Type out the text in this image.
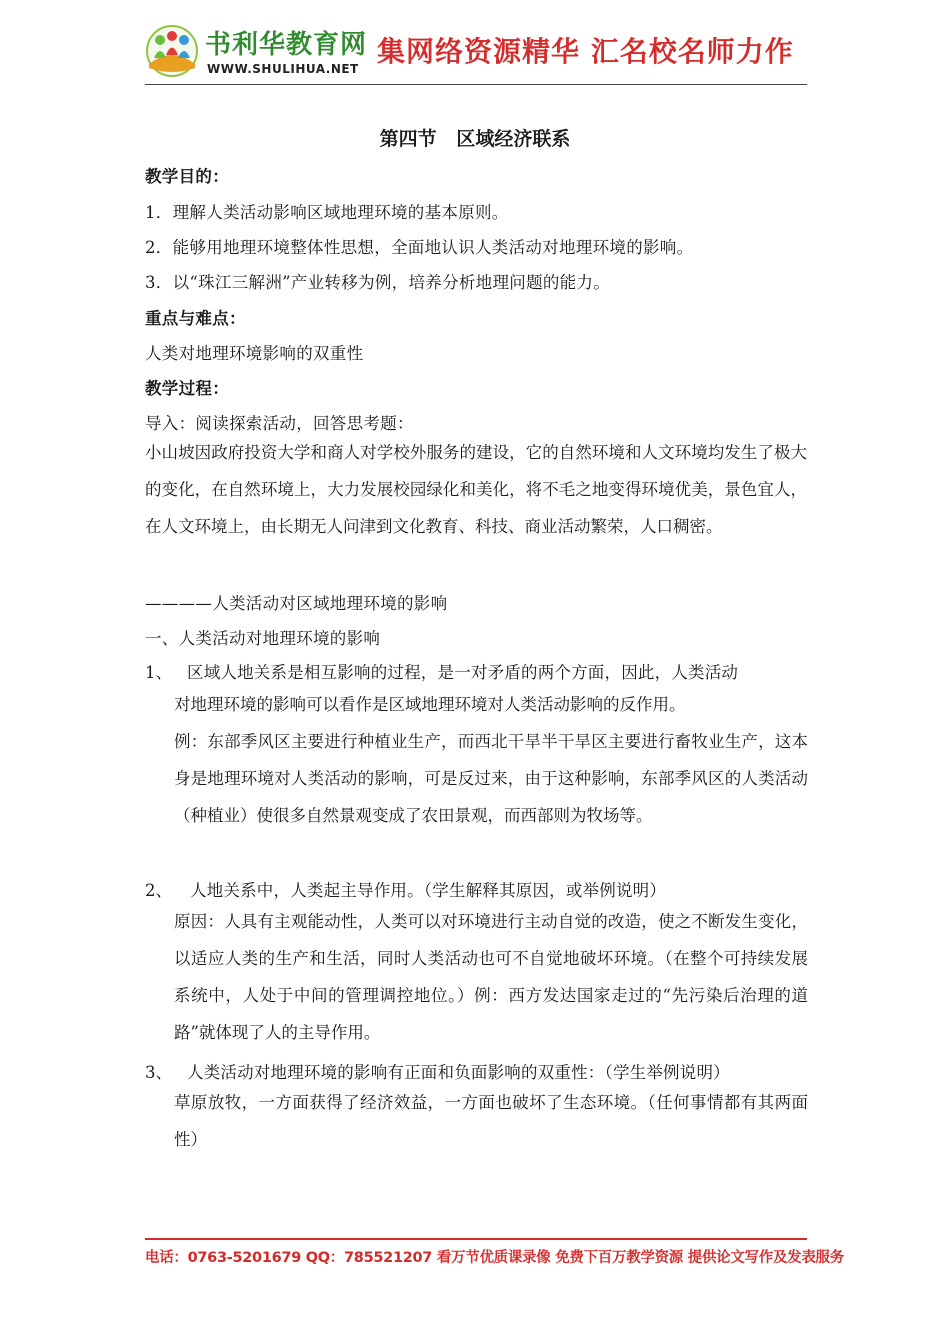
书利华教育网
WWW.SHULIHUA.NET
集网络资源精华 汇名校名师力作
第四节   区域经济联系
教学目的：
1．理解人类活动影响区域地理环境的基本原则。
2．能够用地理环境整体性思想，全面地认识人类活动对地理环境的影响。
3．以“珠江三解洲”产业转移为例，培养分析地理问题的能力。
重点与难点：
人类对地理环境影响的双重性
教学过程：
导入：阅读探索活动，回答思考题：
小山坡因政府投资大学和商人对学校外服务的建设，它的自然环境和人文环境均发生了极大的变化，在自然环境上，大力发展校园绿化和美化，将不毛之地变得环境优美，景色宜人，在人文环境上，由长期无人问津到文化教育、科技、商业活动繁荣，人口稠密。
————人类活动对区域地理环境的影响
一、人类活动对地理环境的影响
1、 区域人地关系是相互影响的过程，是一对矛盾的两个方面，因此，人类活动
对地理环境的影响可以看作是区域地理环境对人类活动影响的反作用。
例：东部季风区主要进行种植业生产，而西北干旱半干旱区主要进行畜牧业生产，这本身是地理环境对人类活动的影响，可是反过来，由于这种影响，东部季风区的人类活动（种植业）使很多自然景观变成了农田景观，而西部则为牧场等。
2、 人地关系中，人类起主导作用。（学生解释其原因，或举例说明）
原因：人具有主观能动性，人类可以对环境进行主动自觉的改造，使之不断发生变化，以适应人类的生产和生活，同时人类活动也可不自觉地破坏环境。（在整个可持续发展系统中，人处于中间的管理调控地位。）例：西方发达国家走过的“先污染后治理的道路”就体现了人的主导作用。
3、 人类活动对地理环境的影响有正面和负面影响的双重性：（学生举例说明）
草原放牧，一方面获得了经济效益，一方面也破坏了生态环境。（任何事情都有其两面性）
电话：0763-5201679 QQ：785521207 看万节优质课录像 免费下百万教学资源 提供论文写作及发表服务
